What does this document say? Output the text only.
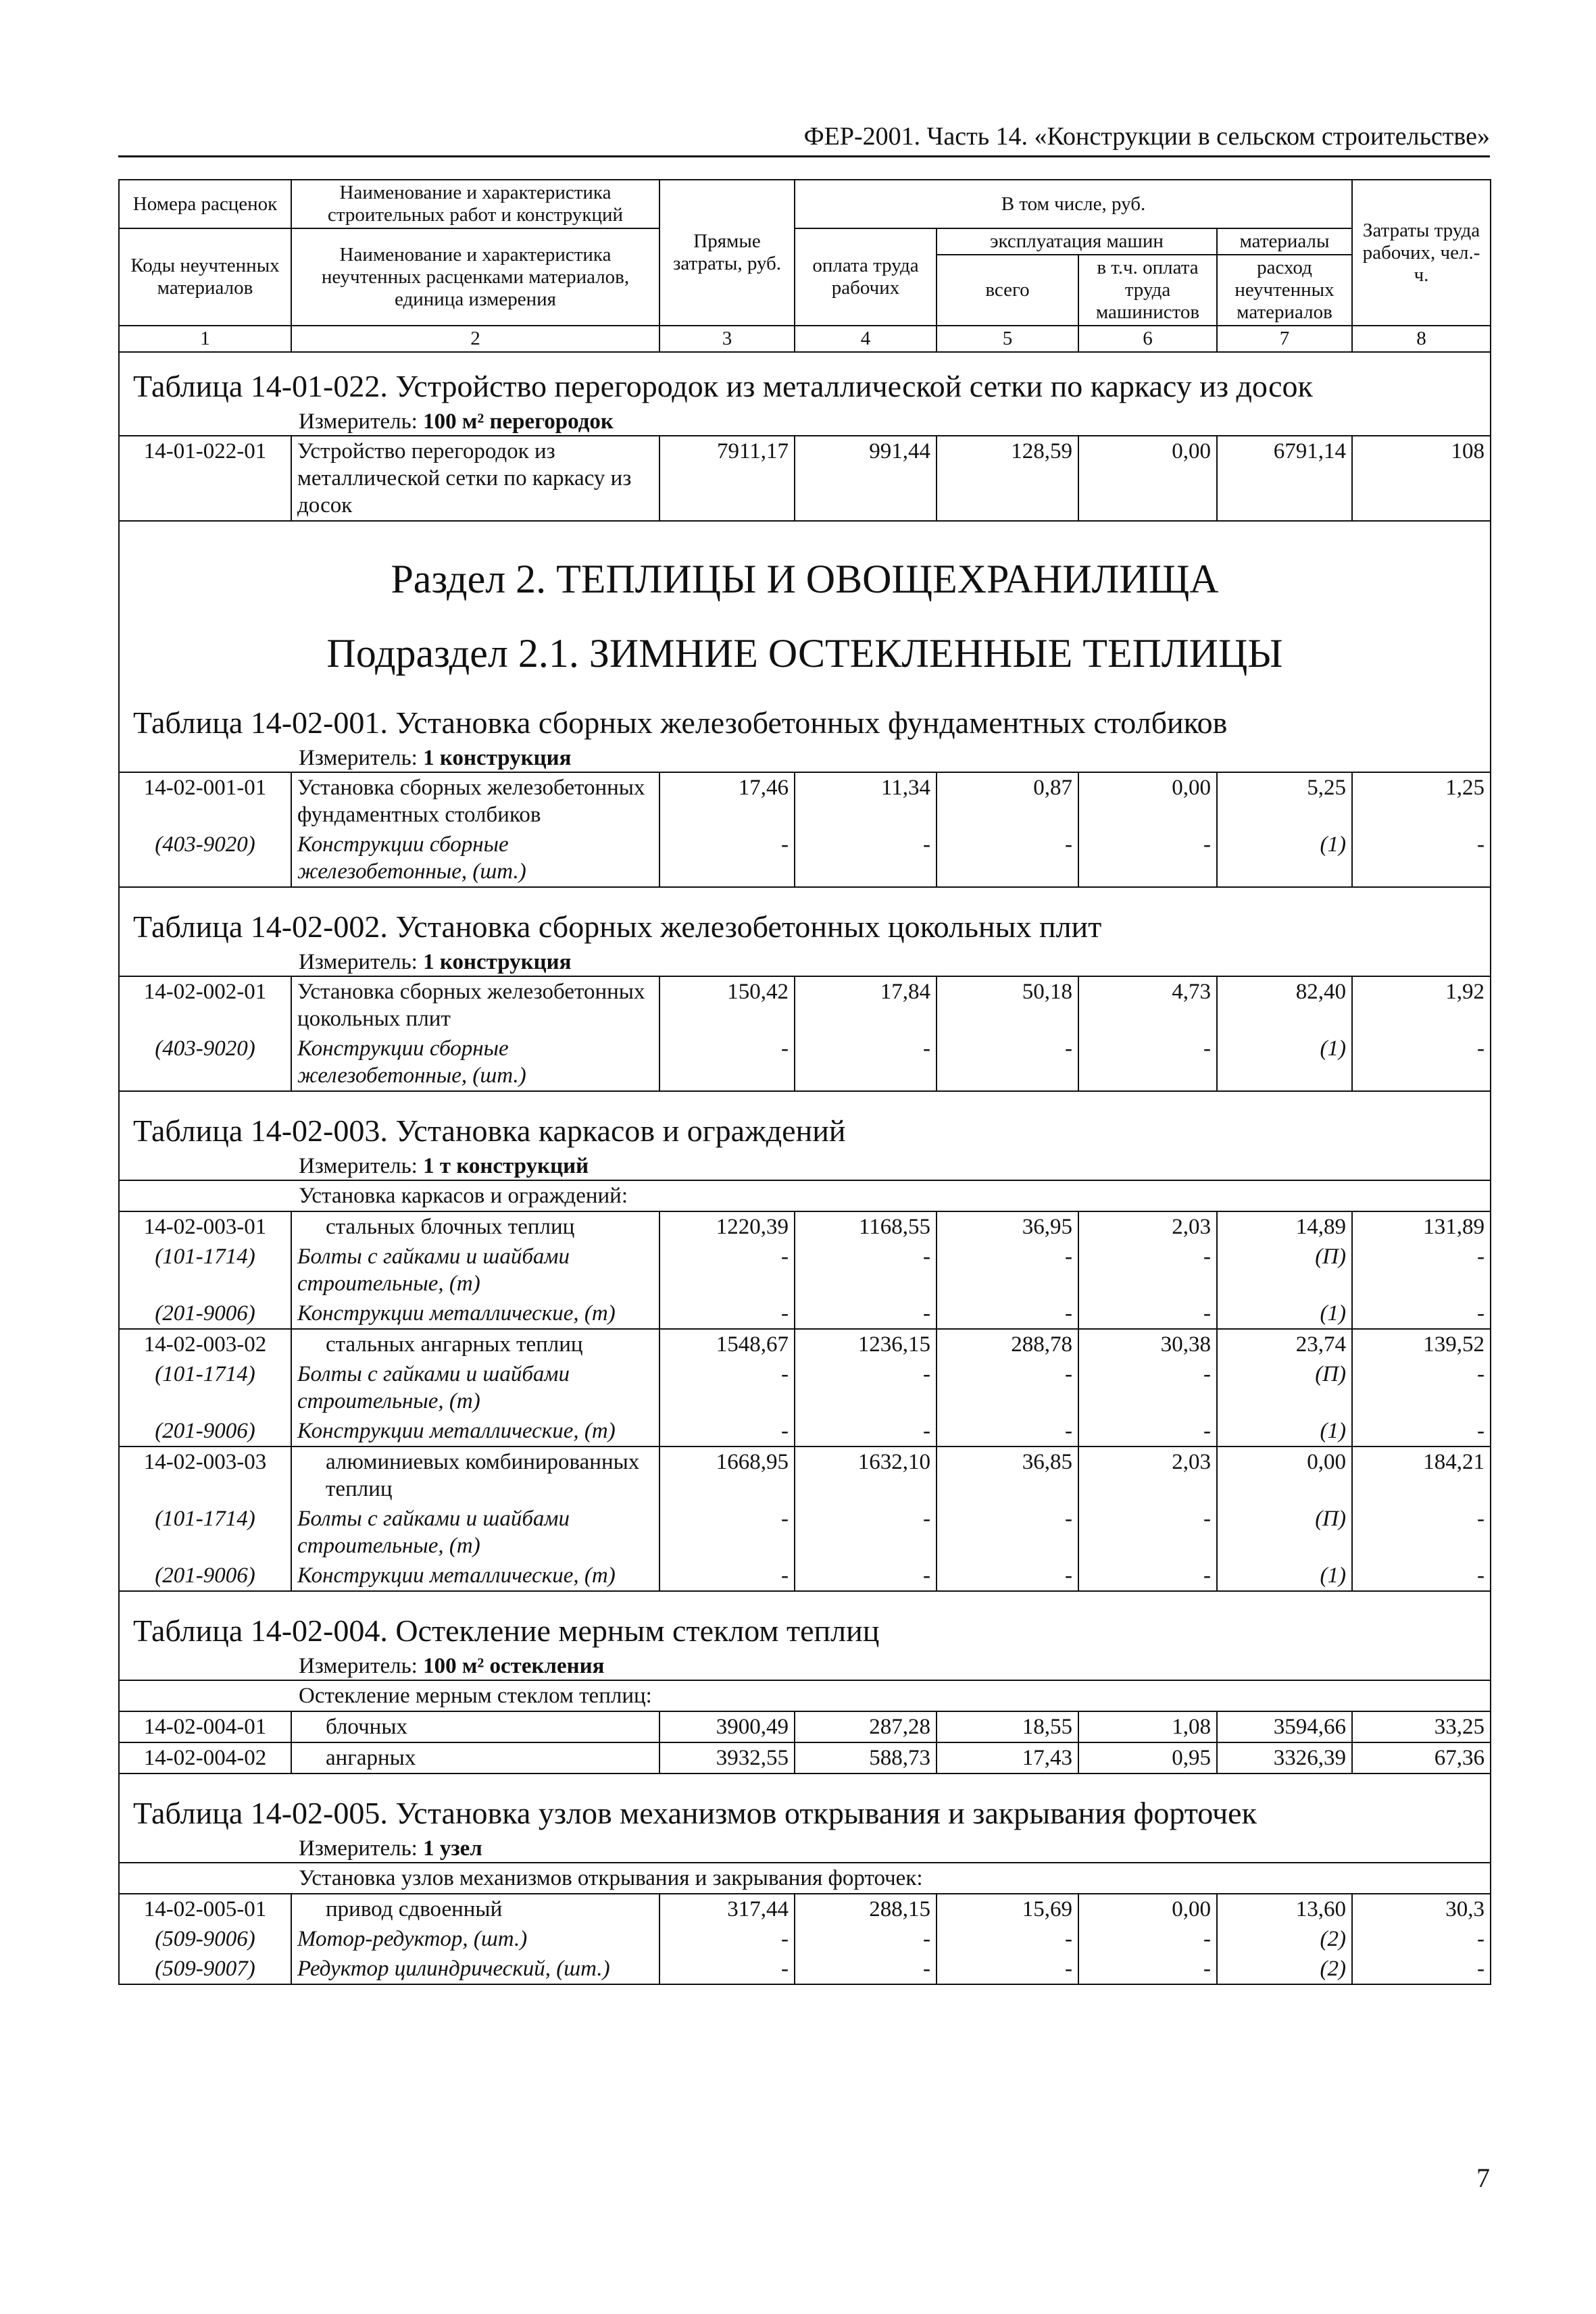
ФЕР-2001. Часть 14. «Конструкции в сельском строительстве»
Номера расценок	Наименование и характеристика строительных работ и конструкций	Прямые затраты, руб.	В том числе, руб.				Затраты труда рабочих, чел.-ч.
Коды неучтенных материалов	Наименование и характеристика неучтенных расценками материалов, единица измерения		оплата труда рабочих	эксплуатация машин		материалы	
				всего	в т.ч. оплата труда машинистов	расход неучтенных материалов	
1	2	3	4	5	6	7	8
Таблица 14-01-022. Устройство перегородок из металлической сетки по каркасу из досок							
Измеритель: 100 м² перегородок							
14-01-022-01	Устройство перегородок из металлической сетки по каркасу из досок	7911,17	991,44	128,59	0,00	6791,14	108
Раздел 2. ТЕПЛИЦЫ И ОВОЩЕХРАНИЛИЩА							
Подраздел 2.1. ЗИМНИЕ ОСТЕКЛЕННЫЕ ТЕПЛИЦЫ							
Таблица 14-02-001. Установка сборных железобетонных фундаментных столбиков							
Измеритель: 1 конструкция							
14-02-001-01	Установка сборных железобетонных фундаментных столбиков	17,46	11,34	0,87	0,00	5,25	1,25
(403-9020)	Конструкции сборные железобетонные, (шт.)	-	-	-	-	(1)	-
Таблица 14-02-002. Установка сборных железобетонных цокольных плит							
Измеритель: 1 конструкция							
14-02-002-01	Установка сборных железобетонных цокольных плит	150,42	17,84	50,18	4,73	82,40	1,92
(403-9020)	Конструкции сборные железобетонные, (шт.)	-	-	-	-	(1)	-
Таблица 14-02-003. Установка каркасов и ограждений							
Измеритель: 1 т конструкций							
Установка каркасов и ограждений:							
14-02-003-01	стальных блочных теплиц	1220,39	1168,55	36,95	2,03	14,89	131,89
(101-1714)	Болты с гайками и шайбами строительные, (т)	-	-	-	-	(П)	-
(201-9006)	Конструкции металлические, (т)	-	-	-	-	(1)	-
14-02-003-02	стальных ангарных теплиц	1548,67	1236,15	288,78	30,38	23,74	139,52
(101-1714)	Болты с гайками и шайбами строительные, (т)	-	-	-	-	(П)	-
(201-9006)	Конструкции металлические, (т)	-	-	-	-	(1)	-
14-02-003-03	алюминиевых комбинированных теплиц	1668,95	1632,10	36,85	2,03	0,00	184,21
(101-1714)	Болты с гайками и шайбами строительные, (т)	-	-	-	-	(П)	-
(201-9006)	Конструкции металлические, (т)	-	-	-	-	(1)	-
Таблица 14-02-004. Остекление мерным стеклом теплиц							
Измеритель: 100 м² остекления							
Остекление мерным стеклом теплиц:							
14-02-004-01	блочных	3900,49	287,28	18,55	1,08	3594,66	33,25
14-02-004-02	ангарных	3932,55	588,73	17,43	0,95	3326,39	67,36
Таблица 14-02-005. Установка узлов механизмов открывания и закрывания форточек							
Измеритель: 1 узел							
Установка узлов механизмов открывания и закрывания форточек:							
14-02-005-01	привод сдвоенный	317,44	288,15	15,69	0,00	13,60	30,3
(509-9006)	Мотор-редуктор, (шт.)	-	-	-	-	(2)	-
(509-9007)	Редуктор цилиндрический, (шт.)	-	-	-	-	(2)	-
7
